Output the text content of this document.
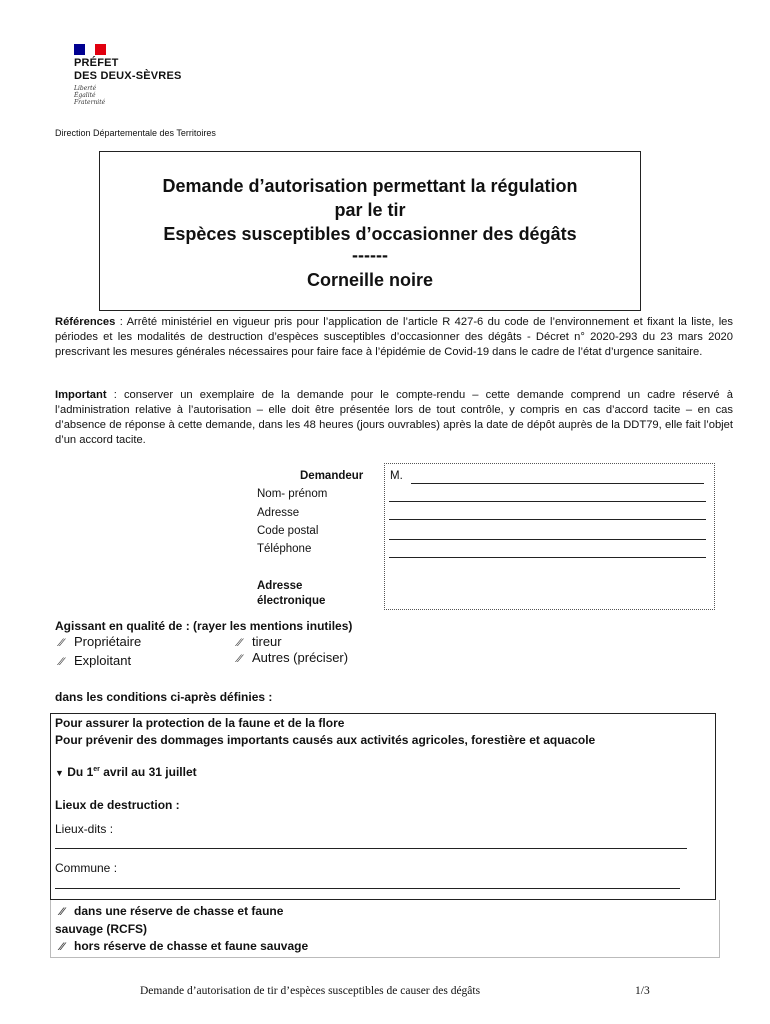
PRÉFET
DES DEUX-SÈVRES
Liberté
Égalité
Fraternité
Direction Départementale des Territoires
Demande d’autorisation permettant la régulation
par le tir
Espèces susceptibles d’occasionner des dégâts
------
Corneille noire
Références : Arrêté ministériel en vigueur pris pour l’application de l’article R 427-6 du code de l’environnement et fixant la liste, les périodes et les modalités de destruction d’espèces susceptibles d’occasionner des dégâts - Décret n° 2020-293 du 23 mars 2020 prescrivant les mesures générales nécessaires pour faire face à l’épidémie de Covid-19 dans le cadre de l’état d’urgence sanitaire.
Important : conserver un exemplaire de la demande pour le compte-rendu – cette demande comprend un cadre réservé à l’administration relative à l’autorisation – elle doit être présentée lors de tout contrôle, y compris en cas d’accord tacite – en cas d’absence de réponse à cette demande, dans les 48 heures (jours ouvrables) après la date de dépôt auprès de la DDT79, elle fait l’objet d’un accord tacite.
Demandeur
Nom- prénom
Adresse
Code postal
Téléphone
Adresse
électronique
M.
Agissant en qualité de : (rayer les mentions inutiles)
⁄⁄ Propriétaire
⁄⁄ Exploitant
⁄⁄ tireur
⁄⁄ Autres (préciser)
dans les conditions ci-après définies :
Pour assurer la protection de la faune et de la flore
Pour prévenir des dommages importants causés aux activités agricoles, forestière et aquacole
▼ Du 1er avril au 31 juillet
Lieux de destruction :
Lieux-dits :
Commune :
⁄⁄ dans une réserve de chasse et faune
sauvage (RCFS)
⁄⁄ hors réserve de chasse et faune sauvage
Demande d’autorisation de tir d’espèces susceptibles de causer des dégâts	1/3
